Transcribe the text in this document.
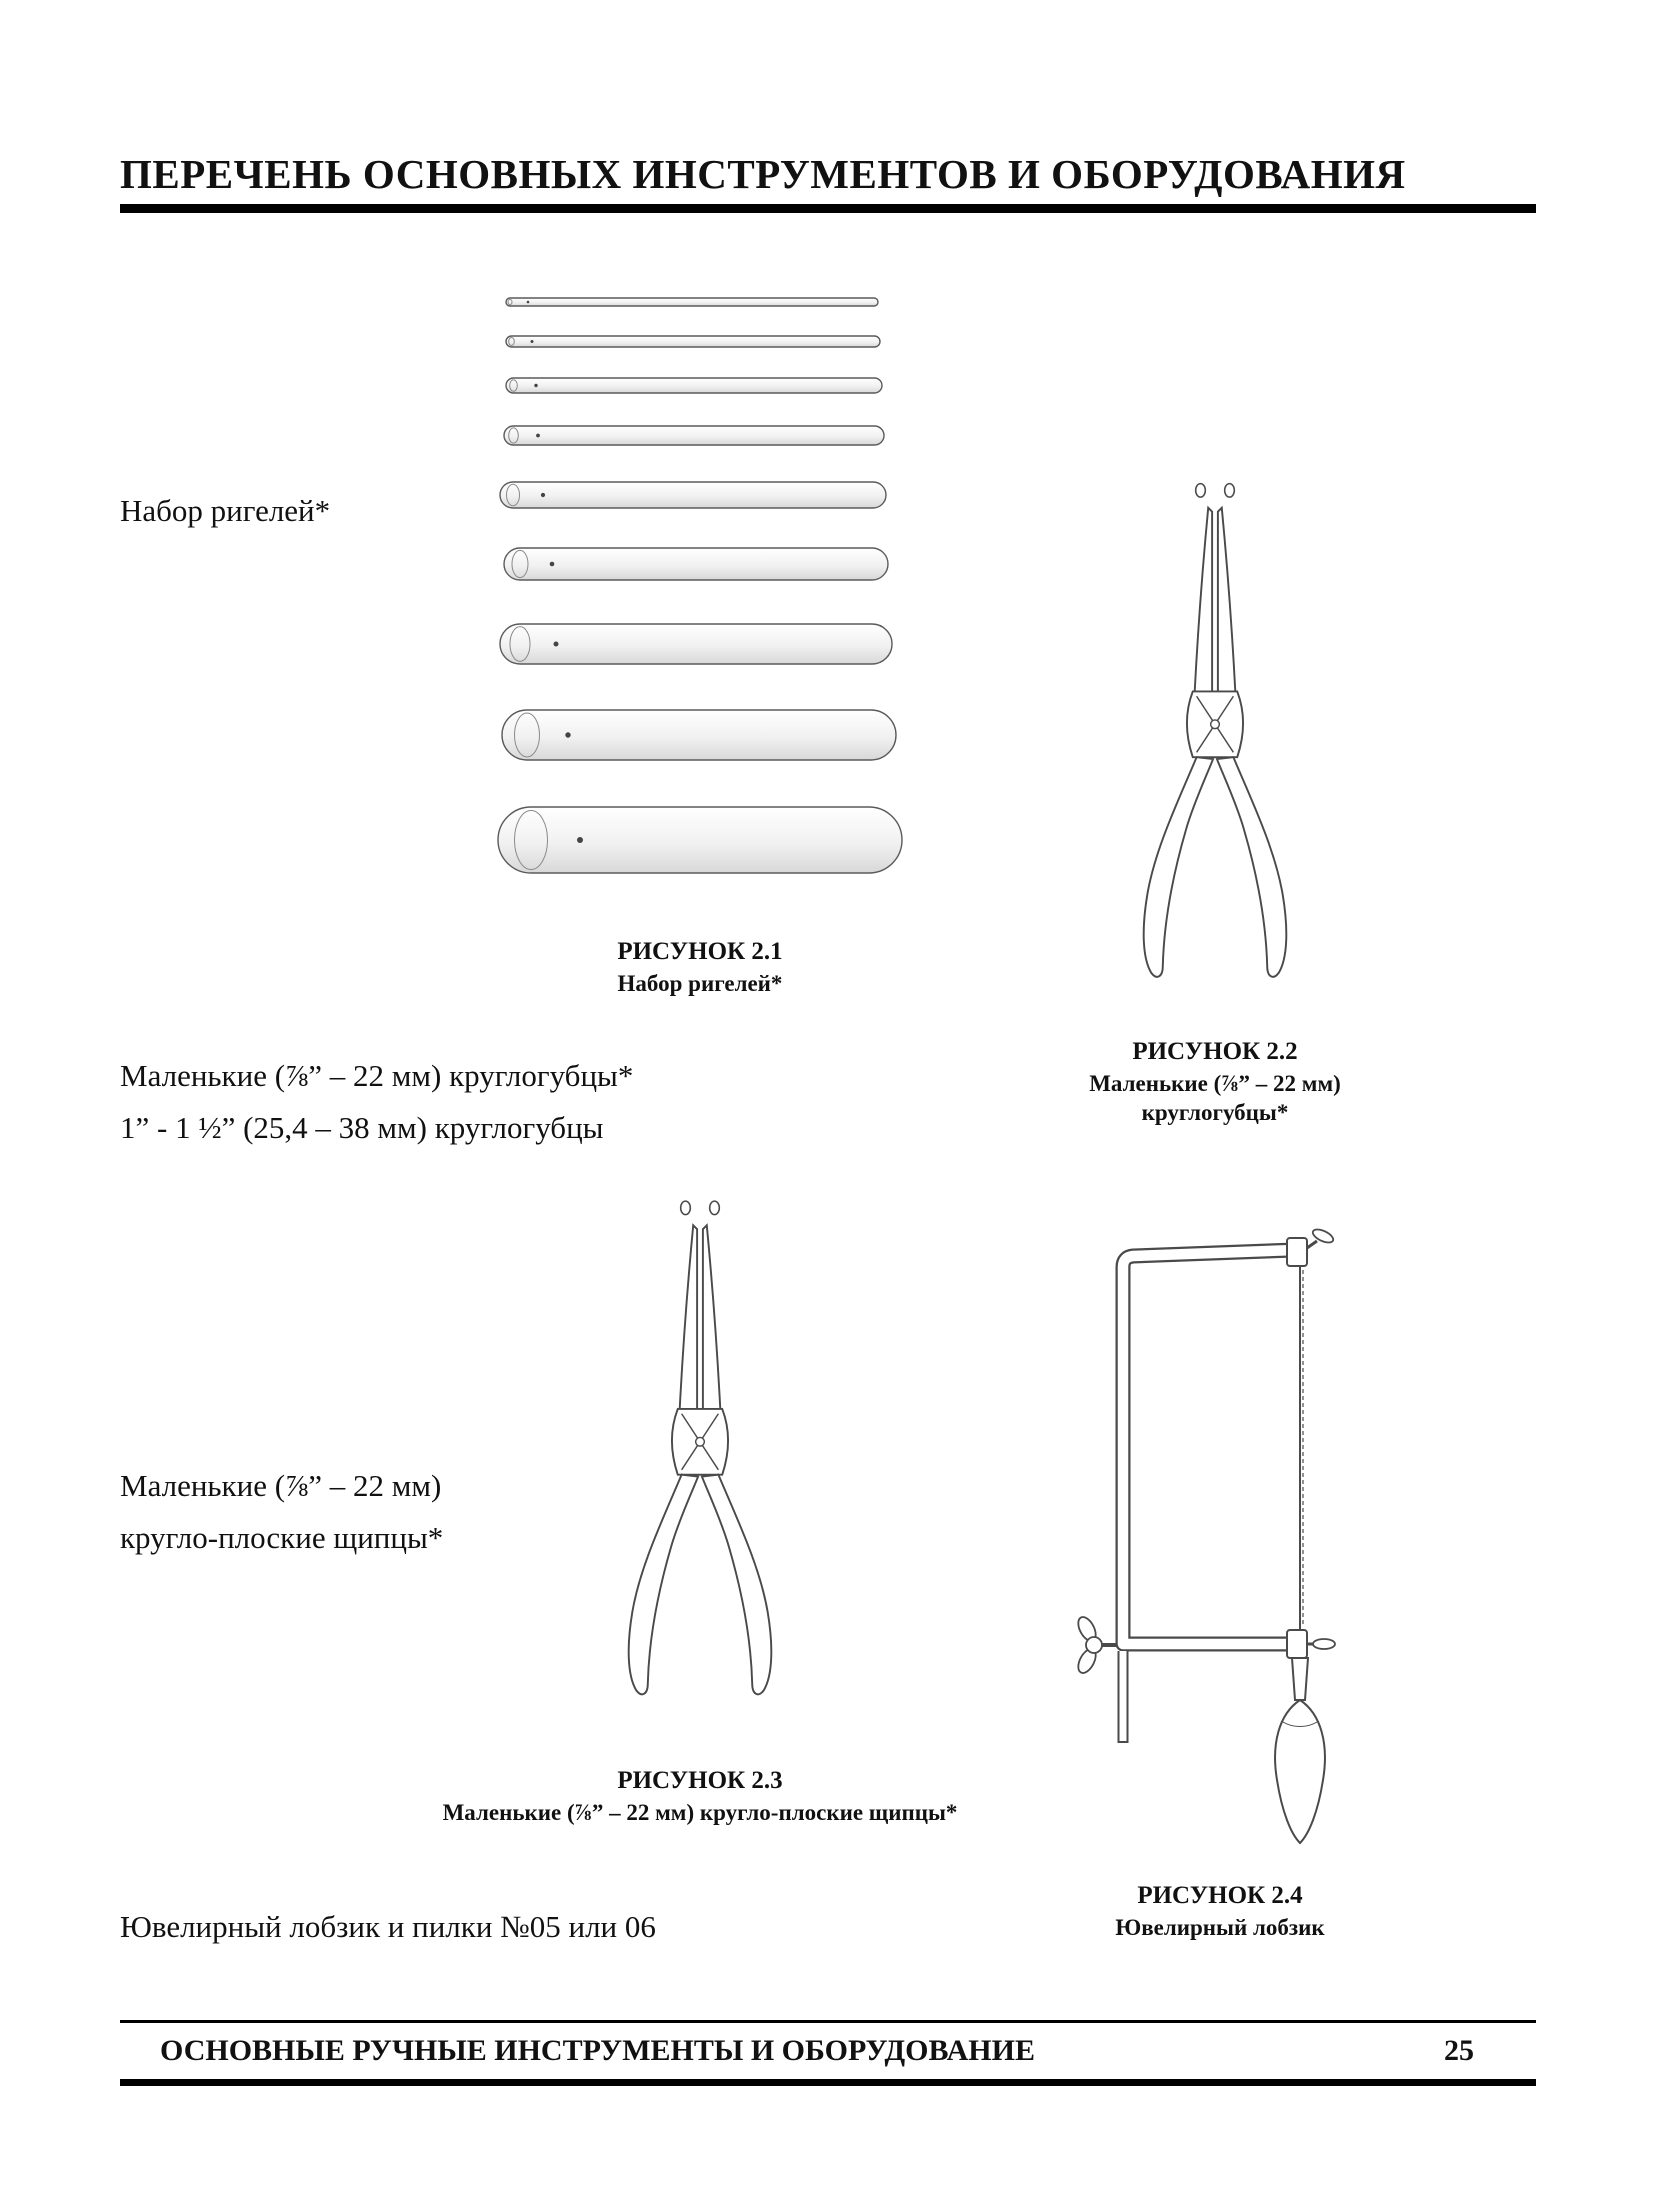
ПЕРЕЧЕНЬ ОСНОВНЫХ ИНСТРУМЕНТОВ И ОБОРУДОВАНИЯ
Набор ригелей*
РИСУНОК 2.1
Набор ригелей*
РИСУНОК 2.2
Маленькие (⅞” – 22 мм) круглогубцы*
Маленькие (⅞” – 22 мм) круглогубцы*
1” - 1 ½” (25,4 – 38 мм) круглогубцы
Маленькие (⅞” – 22 мм)
кругло-плоские щипцы*
РИСУНОК 2.3
Маленькие (⅞” – 22 мм) кругло-плоские щипцы*
РИСУНОК 2.4
Ювелирный лобзик
Ювелирный лобзик и пилки №05 или 06
ОСНОВНЫЕ РУЧНЫЕ ИНСТРУМЕНТЫ И ОБОРУДОВАНИЕ	25
